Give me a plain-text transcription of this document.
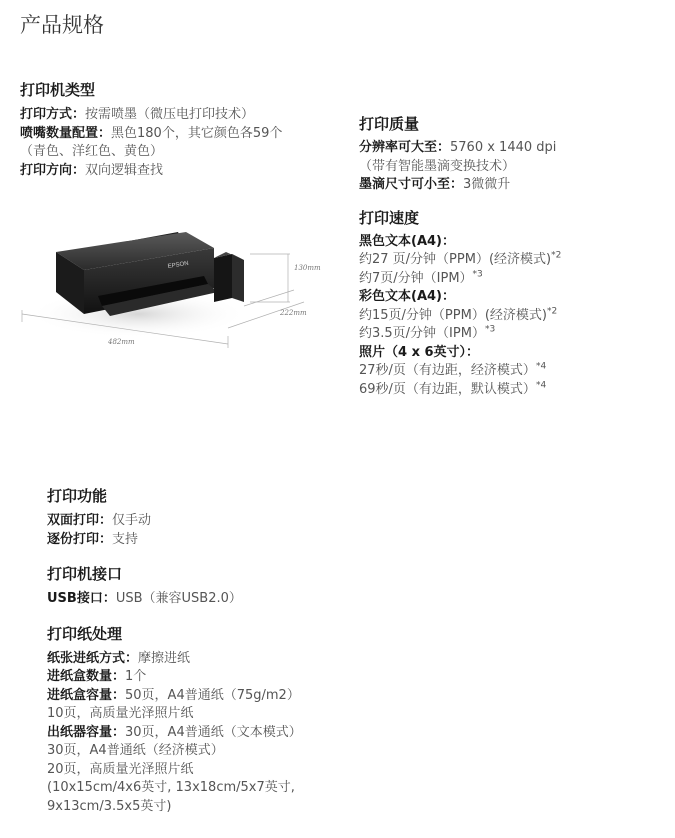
产品规格
打印机类型

打印方式：按需喷墨（微压电打印技术）

喷嘴数量配置：黑色180个，其它颜色各59个

（青色、洋红色、黄色）

打印方向：双向逻辑查找

EPSON	130mm
222mm
482mm
打印质量

分辨率可大至：5760 x 1440 dpi

（带有智能墨滴变换技术）

墨滴尺寸可小至：3微微升

打印速度

黑色文本(A4)：

约27 页/分钟（PPM）(经济模式)$^{*2}$

约7页/分钟（IPM）$^{*3}$

彩色文本(A4)：

约15页/分钟（PPM）(经济模式)$^{*2}$

约3.5页/分钟（IPM）$^{*3}$

照片（4 x 6英寸）：

27秒/页（有边距，经济模式）$^{*4}$

69秒/页（有边距，默认模式）$^{*4}$

打印功能

双面打印：仅手动

逐份打印：支持

打印机接口

USB接口：USB（兼容USB2.0）

打印纸处理

纸张进纸方式：摩擦进纸

进纸盒数量：1个

进纸盒容量：50页，A4普通纸（75g/m2）

10页，高质量光泽照片纸

出纸器容量：30页，A4普通纸（文本模式）

30页，A4普通纸（经济模式）

20页，高质量光泽照片纸

(10x15cm/4x6英寸, 13x18cm/5x7英寸,

9x13cm/3.5x5英寸)
